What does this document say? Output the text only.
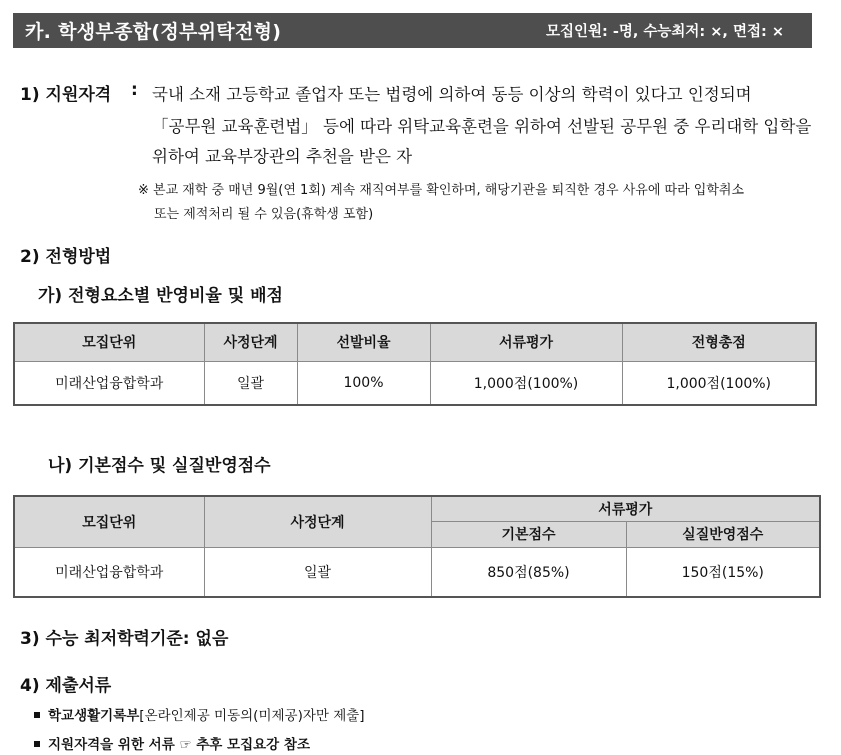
카. 학생부종합(정부위탁전형)	모집인원: -명, 수능최저: ×, 면접: ×
1) 지원자격 : 국내 소재 고등학교 졸업자 또는 법령에 의하여 동등 이상의 학력이 있다고 인정되며
「공무원 교육훈련법」 등에 따라 위탁교육훈련을 위하여 선발된 공무원 중 우리대학 입학을
위하여 교육부장관의 추천을 받은 자
※ 본교 재학 중 매년 9월(연 1회) 계속 재직여부를 확인하며, 해당기관을 퇴직한 경우 사유에 따라 입학취소
또는 제적처리 될 수 있음(휴학생 포함)
2) 전형방법
가) 전형요소별 반영비율 및 배점
모집단위	사정단계	선발비율	서류평가	전형총점
미래산업융합학과	일괄	100%	1,000점(100%)	1,000점(100%)
나) 기본점수 및 실질반영점수
모집단위	사정단계	서류평가	
		기본점수	실질반영점수
미래산업융합학과	일괄	850점(85%)	150점(15%)
3) 수능 최저학력기준: 없음
4) 제출서류
학교생활기록부[온라인제공 미동의(미제공)자만 제출]
지원자격을 위한 서류 ☞ 추후 모집요강 참조
